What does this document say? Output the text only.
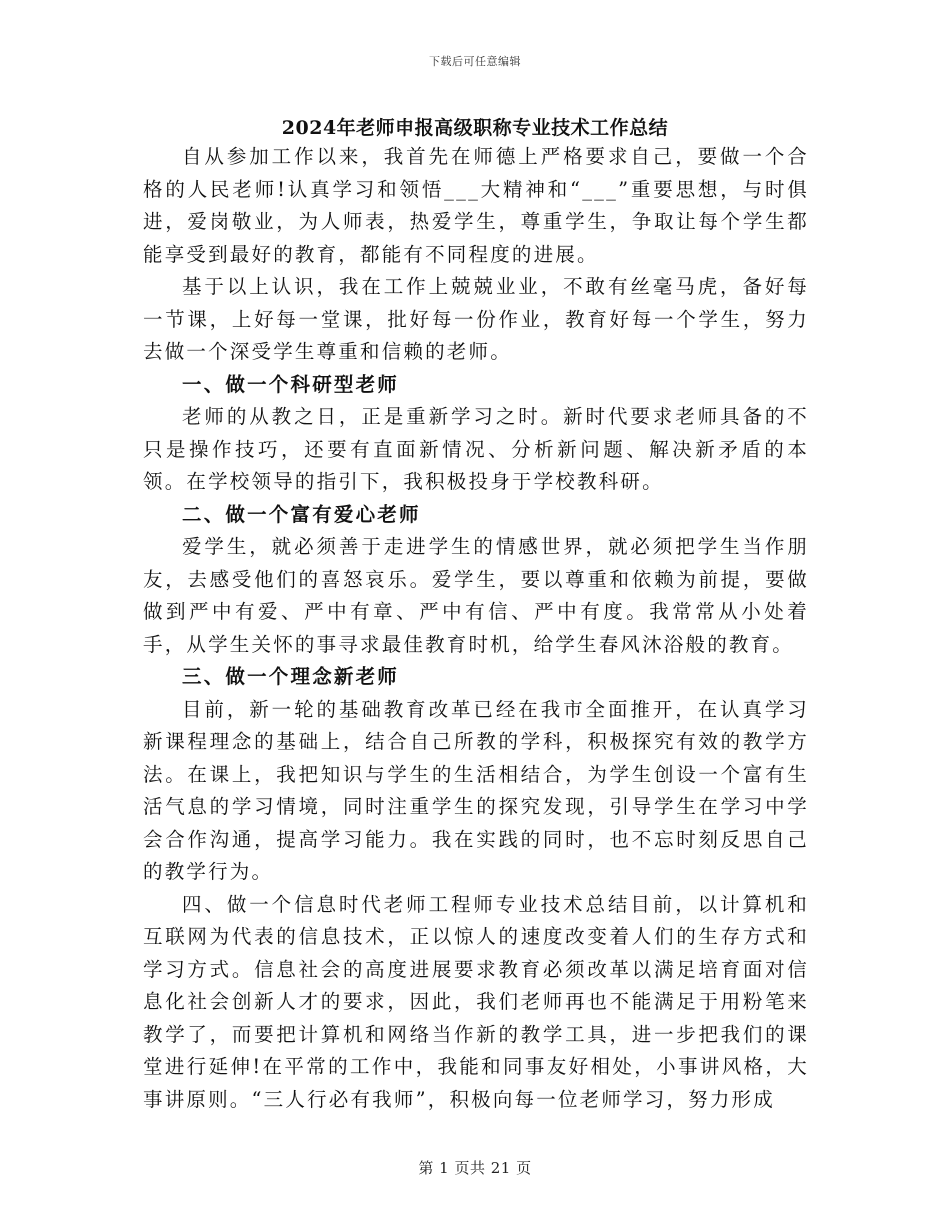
下载后可任意编辑
2024年老师申报高级职称专业技术工作总结

自从参加工作以来，我首先在师德上严格要求自己，要做一个合格的人民老师!认真学习和领悟___大精神和“___”重要思想，与时俱进，爱岗敬业，为人师表，热爱学生，尊重学生，争取让每个学生都能享受到最好的教育，都能有不同程度的进展。

基于以上认识，我在工作上兢兢业业，不敢有丝毫马虎，备好每一节课，上好每一堂课，批好每一份作业，教育好每一个学生，努力去做一个深受学生尊重和信赖的老师。

一、做一个科研型老师

老师的从教之日，正是重新学习之时。新时代要求老师具备的不只是操作技巧，还要有直面新情况、分析新问题、解决新矛盾的本领。在学校领导的指引下，我积极投身于学校教科研。

二、做一个富有爱心老师

爱学生，就必须善于走进学生的情感世界，就必须把学生当作朋友，去感受他们的喜怒哀乐。爱学生，要以尊重和依赖为前提，要做做到严中有爱、严中有章、严中有信、严中有度。我常常从小处着手，从学生关怀的事寻求最佳教育时机，给学生春风沐浴般的教育。

三、做一个理念新老师

目前，新一轮的基础教育改革已经在我市全面推开，在认真学习新课程理念的基础上，结合自己所教的学科，积极探究有效的教学方法。在课上，我把知识与学生的生活相结合，为学生创设一个富有生活气息的学习情境，同时注重学生的探究发现，引导学生在学习中学会合作沟通，提高学习能力。我在实践的同时，也不忘时刻反思自己的教学行为。

四、做一个信息时代老师工程师专业技术总结目前，以计算机和互联网为代表的信息技术，正以惊人的速度改变着人们的生存方式和学习方式。信息社会的高度进展要求教育必须改革以满足培育面对信息化社会创新人才的要求，因此，我们老师再也不能满足于用粉笔来教学了，而要把计算机和网络当作新的教学工具，进一步把我们的课堂进行延伸!在平常的工作中，我能和同事友好相处，小事讲风格，大事讲原则。“三人行必有我师”，积极向每一位老师学习，努力形成

第 1 页共 21 页
